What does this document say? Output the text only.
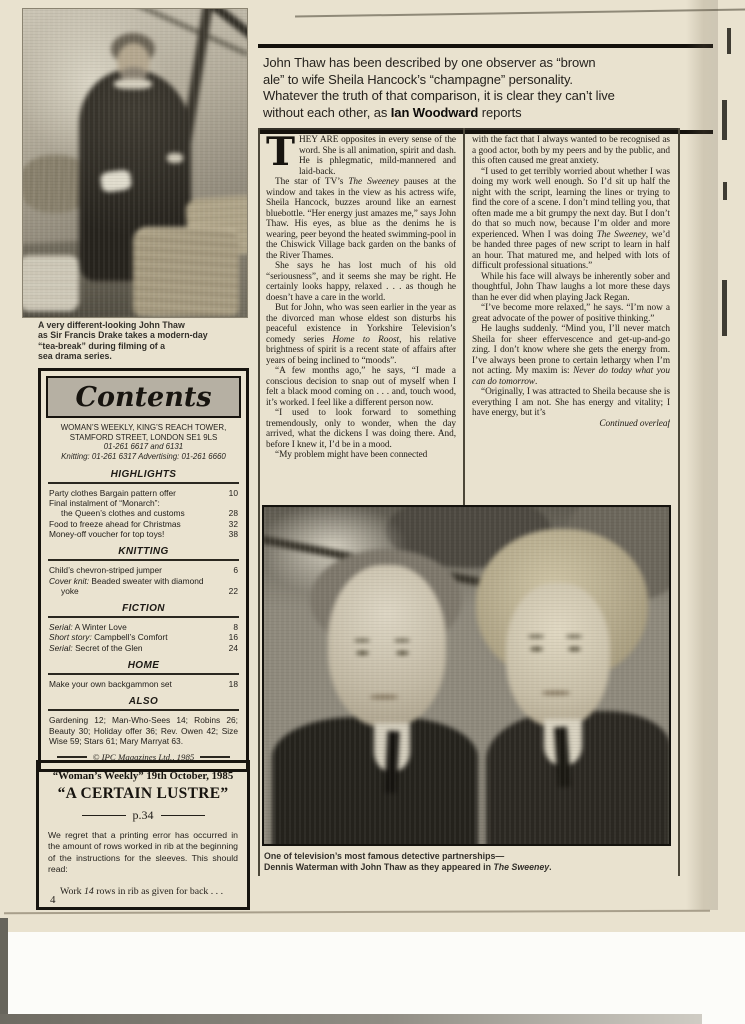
A very different-looking John Thaw
as Sir Francis Drake takes a modern-day
“tea-break” during filming of a
sea drama series.
Contents
WOMAN’S WEEKLY, KING’S REACH TOWER,
STAMFORD STREET, LONDON SE1 9LS
01-261 6617 and 6131
Knitting: 01-261 6317 Advertising: 01-261 6660
HIGHLIGHTS
Party clothes Bargain pattern offer	10
Final instalment of “Monarch”:
the Queen’s clothes and customs	28
Food to freeze ahead for Christmas	32
Money-off voucher for top toys!	38
KNITTING
Child’s chevron-striped jumper	6
Cover knit: Beaded sweater with diamond
yoke	22
FICTION
Serial: A Winter Love	8
Short story: Campbell’s Comfort	16
Serial: Secret of the Glen	24
HOME
Make your own backgammon set	18
ALSO
Gardening 12; Man-Who-Sees 14; Robins 26; Beauty 30; Holiday offer 36; Rev. Owen 42; Size Wise 59; Stars 61; Mary Marryat 63.
© IPC Magazines Ltd., 1985
“Woman’s Weekly” 19th October, 1985
“A CERTAIN LUSTRE”
p.34
We regret that a printing error has occurred in the amount of rows worked in rib at the beginning of the instructions for the sleeves. This should read:
Work 14 rows in rib as given for back . . .
4
John Thaw has been described by one observer as “brown
ale” to wife Sheila Hancock’s “champagne” personality.
Whatever the truth of that comparison, it is clear they can’t live
without each other, as Ian Woodward reports

THEY ARE opposites in every sense of the word. She is all animation, spirit and dash. He is phlegmatic, mild-mannered and laid-back.

The star of TV’s The Sweeney pauses at the window and takes in the view as his actress wife, Sheila Hancock, buzzes around like an earnest bluebottle. “Her energy just amazes me,” says John Thaw. His eyes, as blue as the denims he is wearing, peer beyond the heated swimming-pool in the Chiswick Village back garden on the banks of the River Thames.

She says he has lost much of his old “seriousness”, and it seems she may be right. He certainly looks happy, relaxed . . . as though he doesn’t have a care in the world.

But for John, who was seen earlier in the year as the divorced man whose eldest son disturbs his peaceful existence in Yorkshire Television’s comedy series Home to Roost, his relative brightness of spirit is a recent state of affairs after years of being inclined to “moods”.

“A few months ago,” he says, “I made a conscious decision to snap out of myself when I felt a black mood coming on . . . and, touch wood, it’s worked. I feel like a different person now.

“I used to look forward to something tremendously, only to wonder, when the day arrived, what the dickens I was doing there. And, before I knew it, I’d be in a mood.

“My problem might have been connected

with the fact that I always wanted to be recognised as a good actor, both by my peers and by the public, and this often caused me great anxiety.

“I used to get terribly worried about whether I was doing my work well enough. So I’d sit up half the night with the script, learning the lines or trying to find the core of a scene. I don’t mind telling you, that often made me a bit grumpy the next day. But I don’t do that so much now, because I’m older and more experienced. When I was doing The Sweeney, we’d be handed three pages of new script to learn in half an hour. That matured me, and helped with lots of difficult professional situations.”

While his face will always be inherently sober and thoughtful, John Thaw laughs a lot more these days than he ever did when playing Jack Regan.

“I’ve become more relaxed,” he says. “I’m now a great advocate of the power of positive thinking.”

He laughs suddenly. “Mind you, I’ll never match Sheila for sheer effervescence and get-up-and-go zing. I don’t know where she gets the energy from. I’ve always been prone to certain lethargy when I’m not acting. My maxim is: Never do today what you can do tomorrow.

“Originally, I was attracted to Sheila because she is everything I am not. She has energy and vitality; I have energy, but it’s

Continued overleaf

One of television’s most famous detective partnerships—
Dennis Waterman with John Thaw as they appeared in The Sweeney.
